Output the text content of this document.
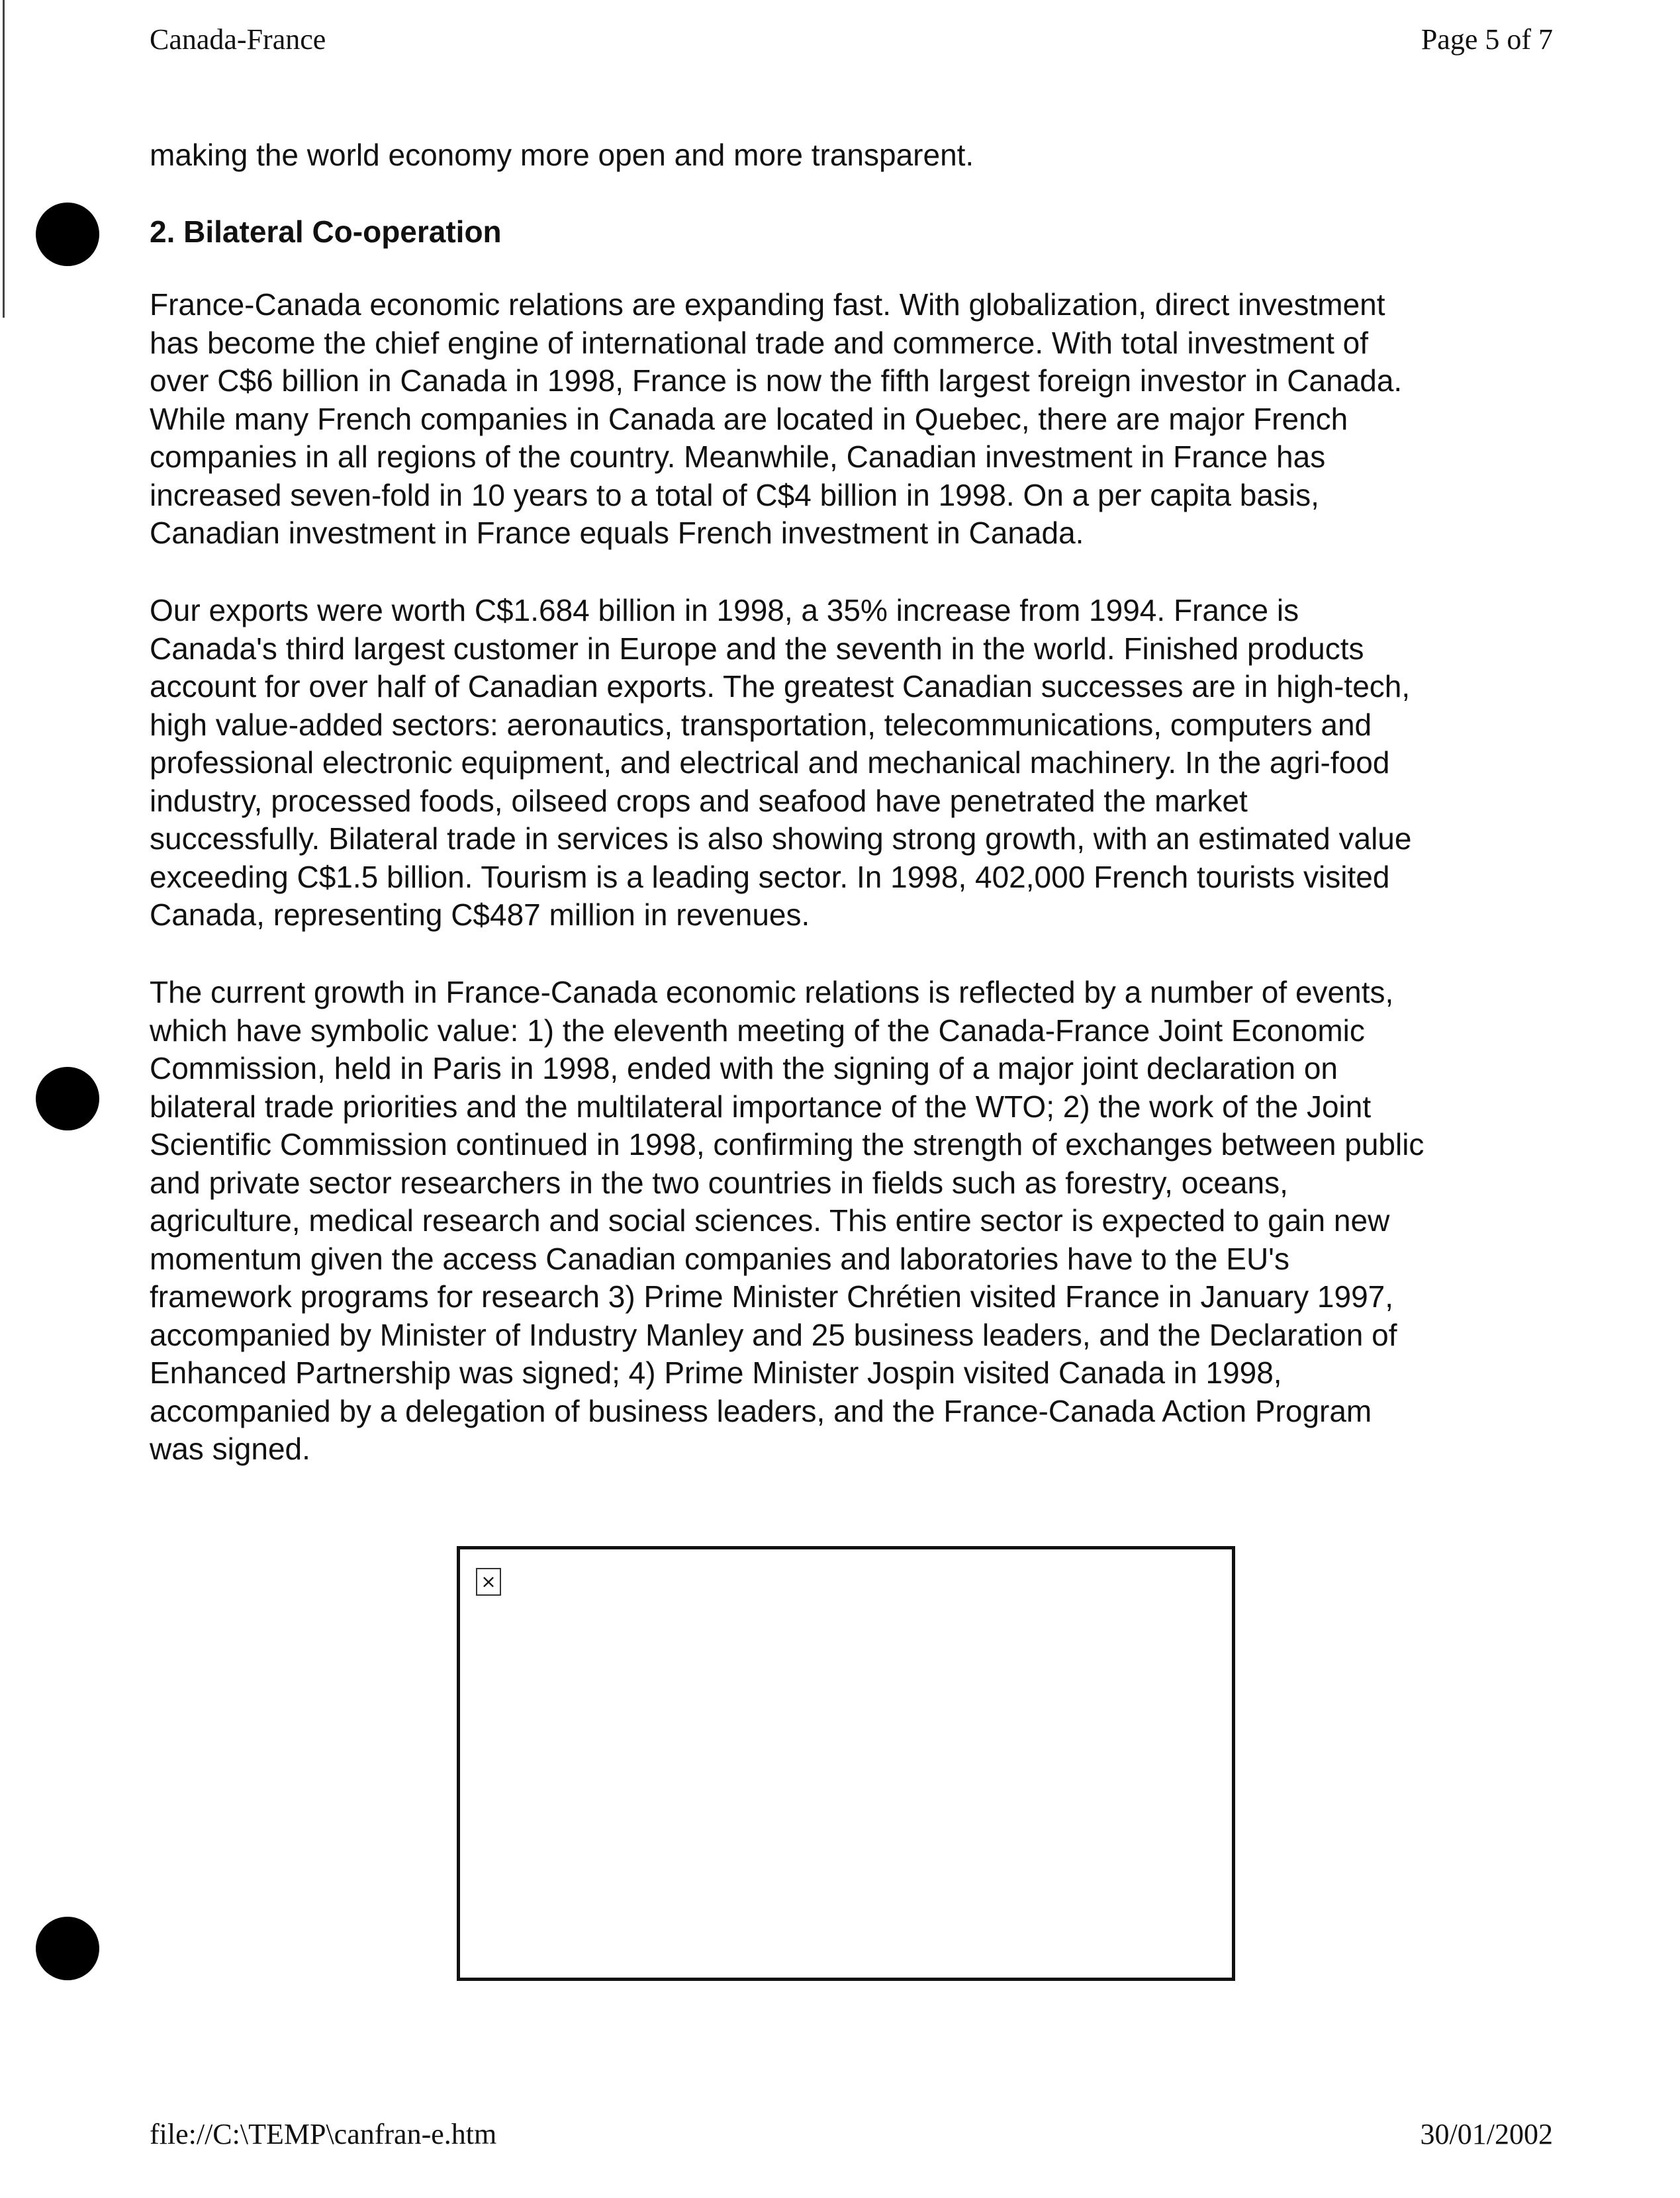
Canada-France	Page 5 of 7

making the world economy more open and more transparent.

2. Bilateral Co-operation

France-Canada economic relations are expanding fast. With globalization, direct investment
has become the chief engine of international trade and commerce. With total investment of
over C$6 billion in Canada in 1998, France is now the fifth largest foreign investor in Canada.
While many French companies in Canada are located in Quebec, there are major French
companies in all regions of the country. Meanwhile, Canadian investment in France has
increased seven-fold in 10 years to a total of C$4 billion in 1998. On a per capita basis,
Canadian investment in France equals French investment in Canada.

Our exports were worth C$1.684 billion in 1998, a 35% increase from 1994. France is
Canada's third largest customer in Europe and the seventh in the world. Finished products
account for over half of Canadian exports. The greatest Canadian successes are in high-tech,
high value-added sectors: aeronautics, transportation, telecommunications, computers and
professional electronic equipment, and electrical and mechanical machinery. In the agri-food
industry, processed foods, oilseed crops and seafood have penetrated the market
successfully. Bilateral trade in services is also showing strong growth, with an estimated value
exceeding C$1.5 billion. Tourism is a leading sector. In 1998, 402,000 French tourists visited
Canada, representing C$487 million in revenues.

The current growth in France-Canada economic relations is reflected by a number of events,
which have symbolic value: 1) the eleventh meeting of the Canada-France Joint Economic
Commission, held in Paris in 1998, ended with the signing of a major joint declaration on
bilateral trade priorities and the multilateral importance of the WTO; 2) the work of the Joint
Scientific Commission continued in 1998, confirming the strength of exchanges between public
and private sector researchers in the two countries in fields such as forestry, oceans,
agriculture, medical research and social sciences. This entire sector is expected to gain new
momentum given the access Canadian companies and laboratories have to the EU's
framework programs for research 3) Prime Minister Chrétien visited France in January 1997,
accompanied by Minister of Industry Manley and 25 business leaders, and the Declaration of
Enhanced Partnership was signed; 4) Prime Minister Jospin visited Canada in 1998,
accompanied by a delegation of business leaders, and the France-Canada Action Program
was signed.

×
file://C:\TEMP\canfran-e.htm	30/01/2002
